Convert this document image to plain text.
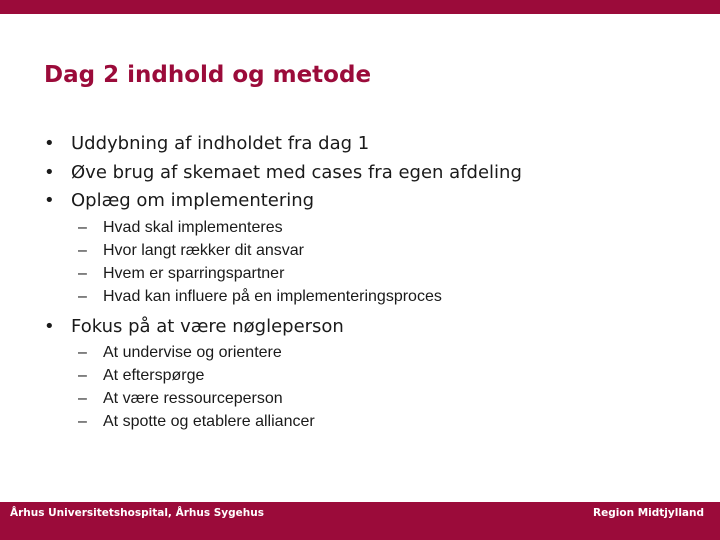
Dag 2 indhold og metode
• Uddybning af indholdet fra dag 1
• Øve brug af skemaet med cases fra egen afdeling
• Oplæg om implementering
– Hvad skal implementeres
– Hvor langt rækker dit ansvar
– Hvem er sparringspartner
– Hvad kan influere på en implementeringsproces
• Fokus på at være nøgleperson
– At undervise og orientere
– At efterspørge
– At være ressourceperson
– At spotte og etablere alliancer
Århus Universitetshospital, Århus Sygehus	Region Midtjylland
